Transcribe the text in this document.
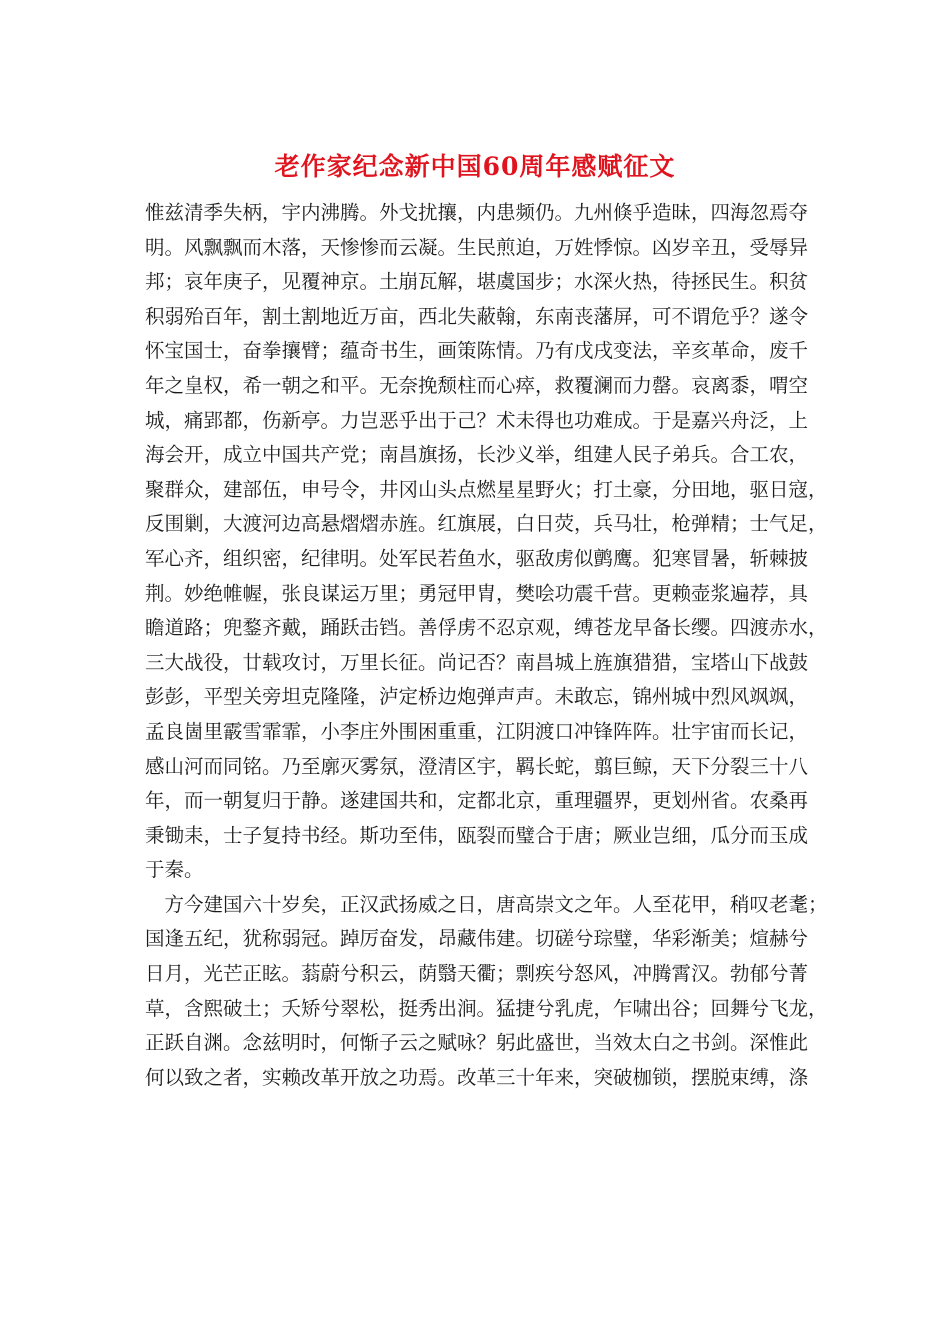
老作家纪念新中国60周年感赋征文
惟兹清季失柄，宇内沸腾。外戈扰攘，内患频仍。九州倏乎造昧，四海忽焉夺
明。风飘飘而木落，天惨惨而云凝。生民煎迫，万姓悸惊。凶岁辛丑，受辱异
邦；哀年庚子，见覆神京。土崩瓦解，堪虞国步；水深火热，待拯民生。积贫
积弱殆百年，割土割地近万亩，西北失蔽翰，东南丧藩屏，可不谓危乎？遂令
怀宝国士，奋拳攘臂；蕴奇书生，画策陈情。乃有戊戌变法，辛亥革命，废千
年之皇权，希一朝之和平。无奈挽颓柱而心瘁，救覆澜而力罄。哀离黍，喟空
城，痛郢都，伤新亭。力岂恶乎出于己？术未得也功难成。于是嘉兴舟泛，上
海会开，成立中国共产党；南昌旗扬，长沙义举，组建人民子弟兵。合工农，
聚群众，建部伍，申号令，井冈山头点燃星星野火；打土豪，分田地，驱日寇，
反围剿，大渡河边高悬熠熠赤旌。红旗展，白日荧，兵马壮，枪弹精；士气足，
军心齐，组织密，纪律明。处军民若鱼水，驱敌虏似鹯鹰。犯寒冒暑，斩棘披
荆。妙绝帷幄，张良谋运万里；勇冠甲胄，樊哙功震千营。更赖壶浆遍荐，具
瞻道路；兜鍪齐戴，踊跃击铛。善俘虏不忍京观，缚苍龙早备长缨。四渡赤水，
三大战役，廿载攻讨，万里长征。尚记否？南昌城上旌旗猎猎，宝塔山下战鼓
彭彭，平型关旁坦克隆隆，泸定桥边炮弹声声。未敢忘，锦州城中烈风飒飒，
孟良崮里霰雪霏霏，小李庄外围困重重，江阴渡口冲锋阵阵。壮宇宙而长记，
感山河而同铭。乃至廓灭雾氛，澄清区宇，羁长蛇，翦巨鲸，天下分裂三十八
年，而一朝复归于静。遂建国共和，定都北京，重理疆界，更划州省。农桑再
秉锄耒，士子复持书经。斯功至伟，瓯裂而璧合于唐；厥业岂细，瓜分而玉成
于秦。
　方今建国六十岁矣，正汉武扬威之日，唐高崇文之年。人至花甲，稍叹老耄；
国逢五纪，犹称弱冠。踔厉奋发，昂藏伟建。切磋兮琮璧，华彩渐美；煊赫兮
日月，光芒正眩。蓊蔚兮积云，荫翳天衢；剽疾兮怒风，冲腾霄汉。勃郁兮菁
草，含熙破土；夭矫兮翠松，挺秀出涧。猛捷兮乳虎，乍啸出谷；回舞兮飞龙，
正跃自渊。念兹明时，何惭子云之赋咏？躬此盛世，当效太白之书剑。深惟此
何以致之者，实赖改革开放之功焉。改革三十年来，突破枷锁，摆脱束缚，涤
